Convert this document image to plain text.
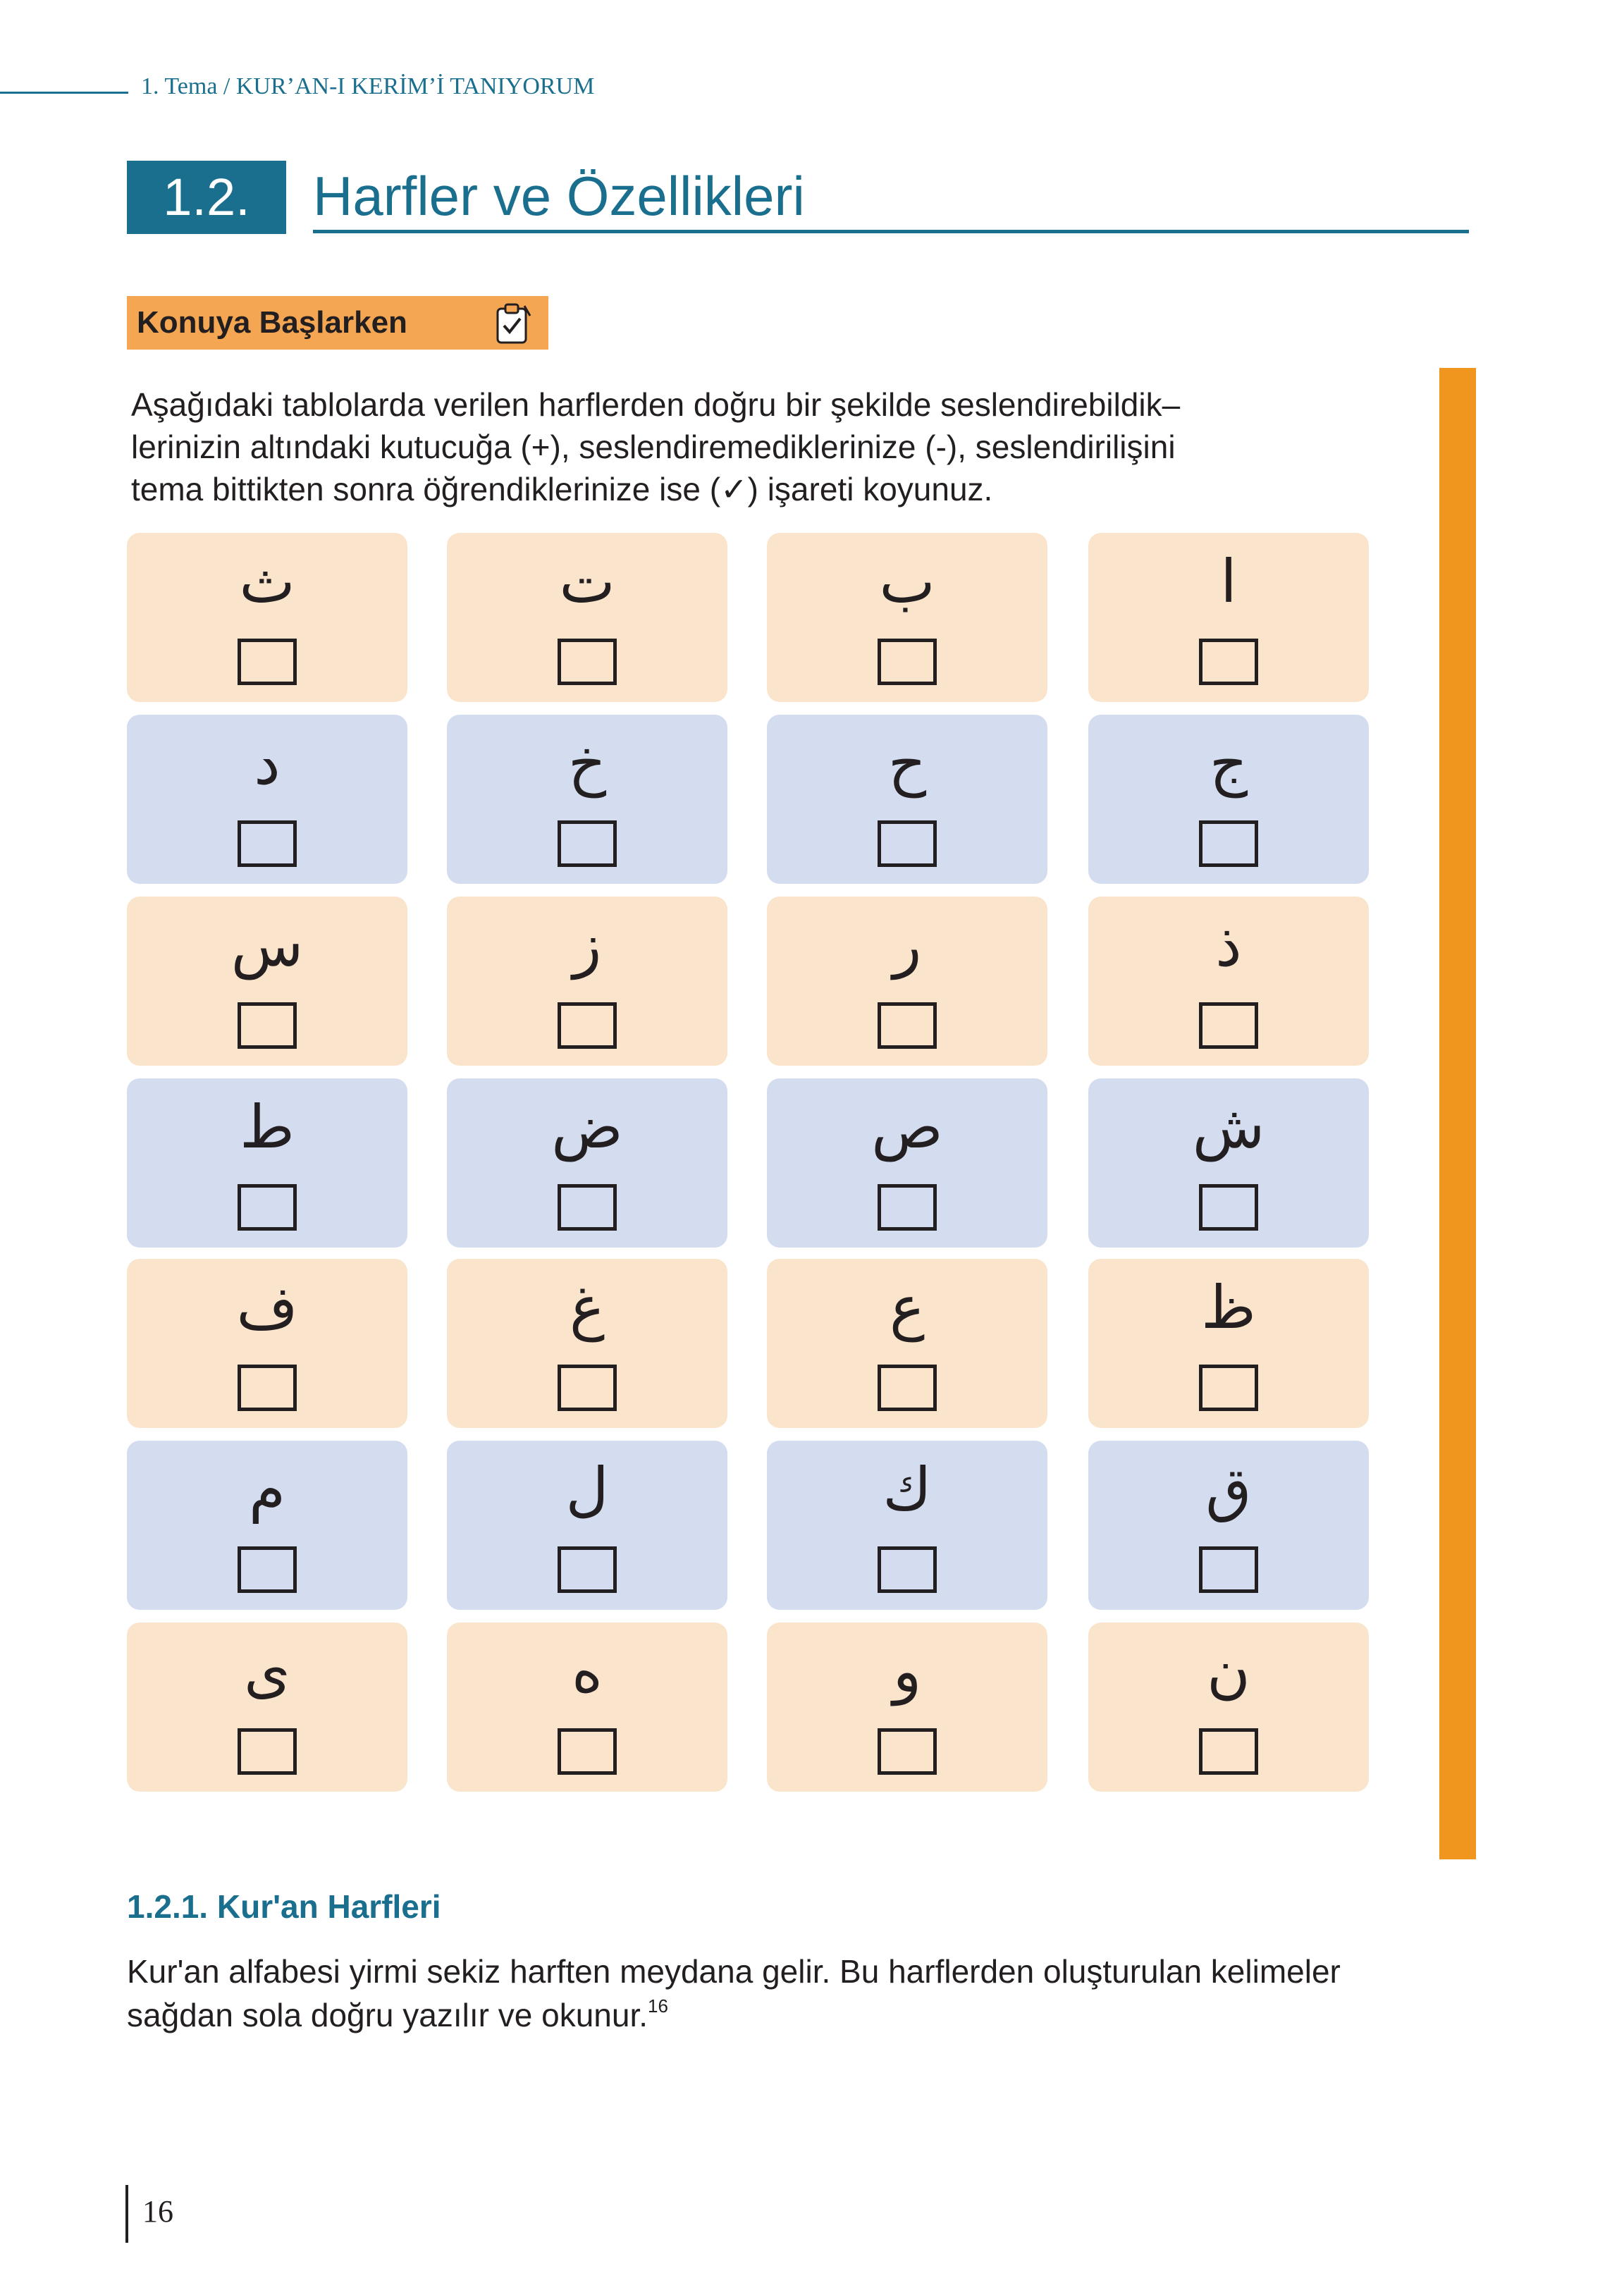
1. Tema / KUR’AN-I KERİM’İ TANIYORUM
1.2.	Harfler ve Özellikleri
Konuya Başlarken
Aşağıdaki tablolarda verilen harflerden doğru bir şekilde seslendirebildik–
lerinizin altındaki kutucuğa (+), seslendiremediklerinize (-), seslendirilişini
tema bittikten sonra öğrendiklerinize ise (✓) işareti koyunuz.
ث	ت	ب	ا
د	خ	ح	ج
س	ز	ر	ذ
ط	ض	ص	ش
ف	غ	ع	ظ
م	ل	ك	ق
ى	ه	و	ن
1.2.1. Kur'an Harfleri
Kur'an alfabesi yirmi sekiz harften meydana gelir. Bu harflerden oluşturulan kelimeler
sağdan sola doğru yazılır ve okunur.$^{16}$
16
